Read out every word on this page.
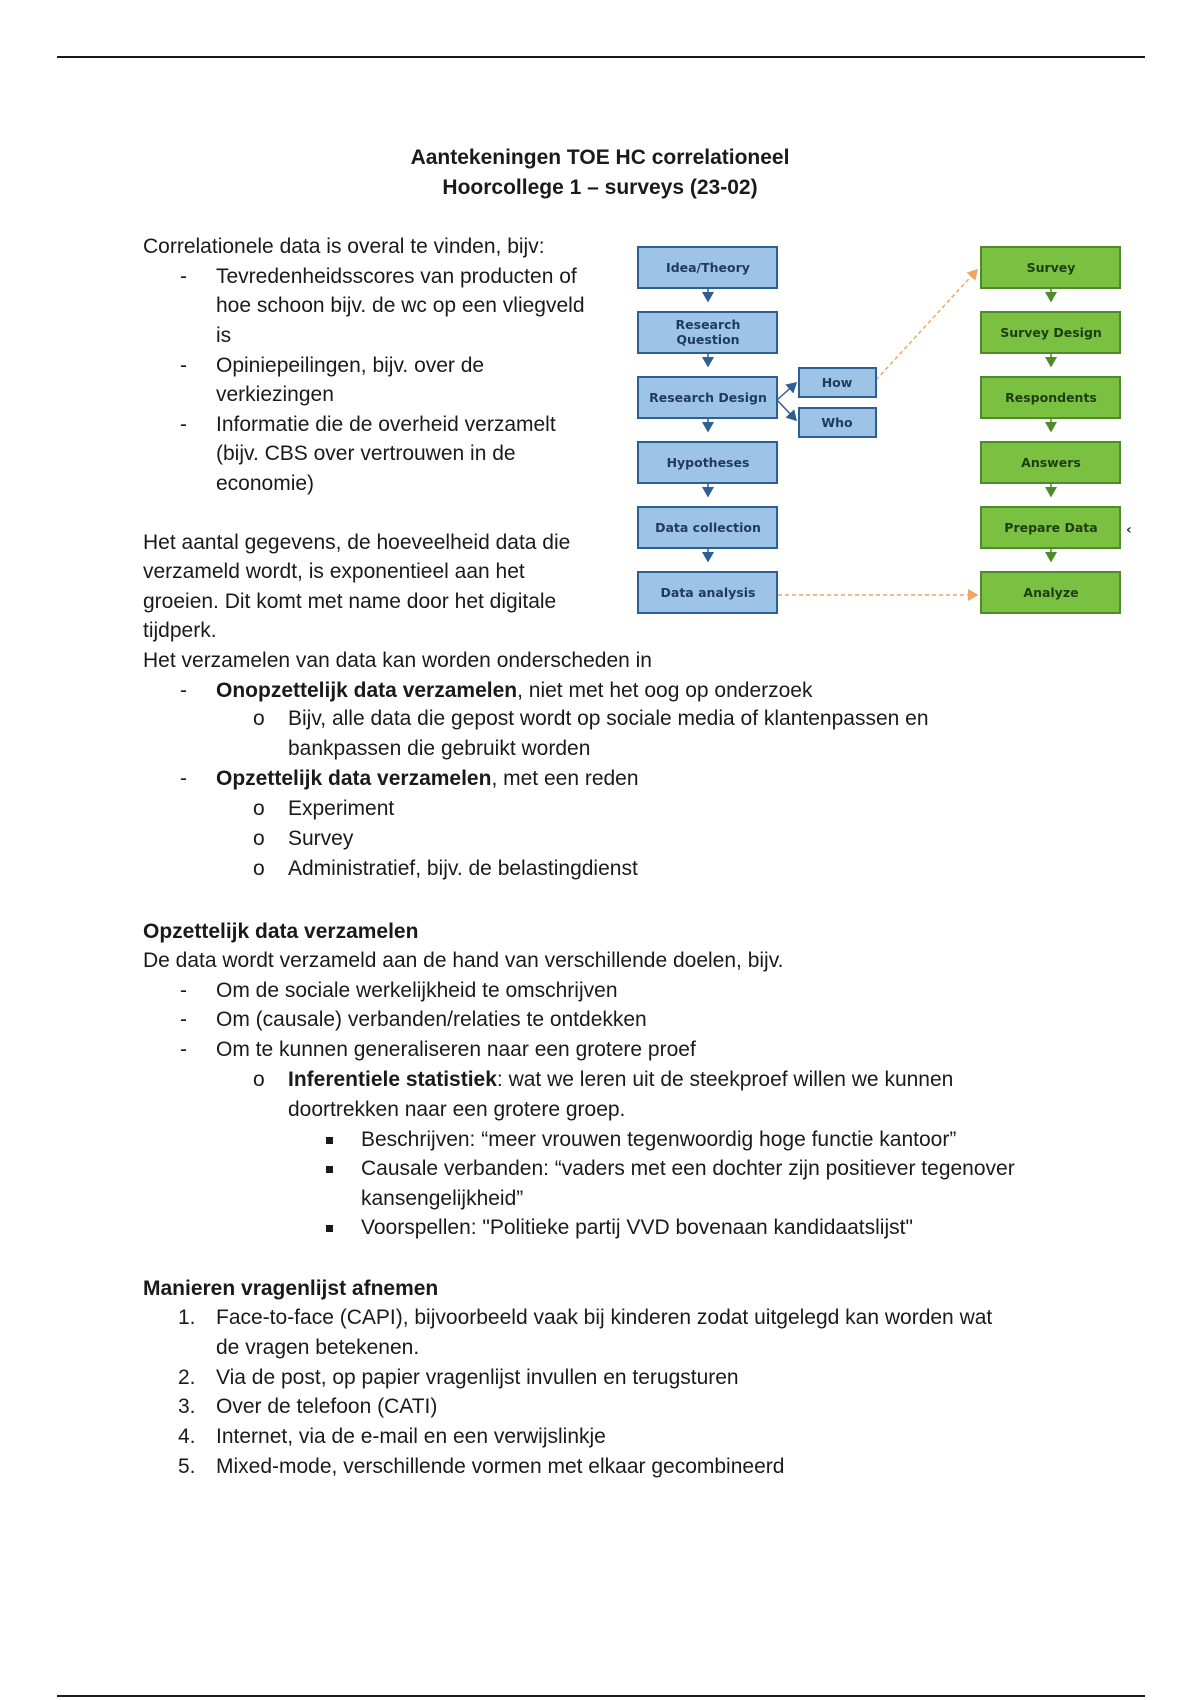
Aantekeningen TOE HC correlationeel
Hoorcollege 1 – surveys (23-02)
Correlationele data is overal te vinden, bijv:
- Tevredenheidsscores van producten of
hoe schoon bijv. de wc op een vliegveld
is
- Opiniepeilingen, bijv. over de
verkiezingen
- Informatie die de overheid verzamelt
(bijv. CBS over vertrouwen in de
economie)
Het aantal gegevens, de hoeveelheid data die
verzameld wordt, is exponentieel aan het
groeien. Dit komt met name door het digitale
tijdperk.
Het verzamelen van data kan worden onderscheden in
- Onopzettelijk data verzamelen, niet met het oog op onderzoek
o Bijv, alle data die gepost wordt op sociale media of klantenpassen en
bankpassen die gebruikt worden
- Opzettelijk data verzamelen, met een reden
o Experiment
o Survey
o Administratief, bijv. de belastingdienst
‹
Idea/Theory
Research
Question
Research Design
Hypotheses
Data collection
Data analysis
How
Who
Survey
Survey Design
Respondents
Answers
Prepare Data
Analyze
Opzettelijk data verzamelen
De data wordt verzameld aan de hand van verschillende doelen, bijv.
- Om de sociale werkelijkheid te omschrijven
- Om (causale) verbanden/relaties te ontdekken
- Om te kunnen generaliseren naar een grotere proef
o Inferentiele statistiek: wat we leren uit de steekproef willen we kunnen
doortrekken naar een grotere groep.
Beschrijven: “meer vrouwen tegenwoordig hoge functie kantoor”
Causale verbanden: “vaders met een dochter zijn positiever tegenover
kansengelijkheid”
Voorspellen: "Politieke partij VVD bovenaan kandidaatslijst"
Manieren vragenlijst afnemen
1. Face-to-face (CAPI), bijvoorbeeld vaak bij kinderen zodat uitgelegd kan worden wat
de vragen betekenen.
2. Via de post, op papier vragenlijst invullen en terugsturen
3. Over de telefoon (CATI)
4. Internet, via de e-mail en een verwijslinkje
5. Mixed-mode, verschillende vormen met elkaar gecombineerd
